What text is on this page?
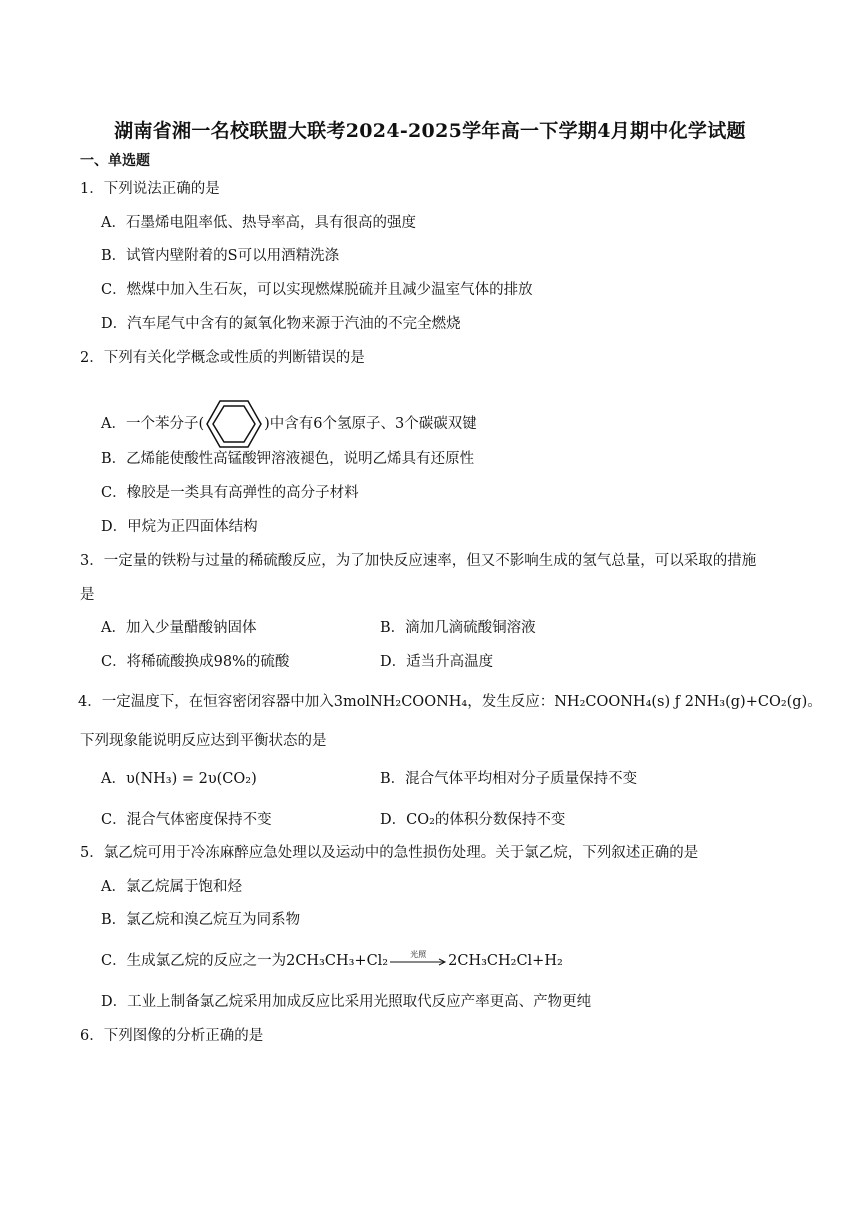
湖南省湘一名校联盟大联考2024-2025学年高一下学期4月期中化学试题
一、单选题
1．下列说法正确的是
A．石墨烯电阻率低、热导率高，具有很高的强度
B．试管内壁附着的S可以用酒精洗涤
C．燃煤中加入生石灰，可以实现燃煤脱硫并且减少温室气体的排放
D．汽车尾气中含有的氮氧化物来源于汽油的不完全燃烧
2．下列有关化学概念或性质的判断错误的是
A．一个苯分子(	)中含有6个氢原子、3个碳碳双键
B．乙烯能使酸性高锰酸钾溶液褪色，说明乙烯具有还原性
C．橡胶是一类具有高弹性的高分子材料
D．甲烷为正四面体结构
3．一定量的铁粉与过量的稀硫酸反应，为了加快反应速率，但又不影响生成的氢气总量，可以采取的措施
是
A．加入少量醋酸钠固体	B．滴加几滴硫酸铜溶液
C．将稀硫酸换成98%的硫酸	D．适当升高温度
4．一定温度下，在恒容密闭容器中加入3molNH₂COONH₄，发生反应：NH₂COONH₄(s) ƒ 2NH₃(g)+CO₂(g)。
下列现象能说明反应达到平衡状态的是
A．υ(NH₃) = 2υ(CO₂)	B．混合气体平均相对分子质量保持不变
C．混合气体密度保持不变	D．CO₂的体积分数保持不变
5．氯乙烷可用于冷冻麻醉应急处理以及运动中的急性损伤处理。关于氯乙烷，下列叙述正确的是
A．氯乙烷属于饱和烃
B．氯乙烷和溴乙烷互为同系物
C．生成氯乙烷的反应之一为2CH₃CH₃+Cl₂	光照	2CH₃CH₂Cl+H₂
D．工业上制备氯乙烷采用加成反应比采用光照取代反应产率更高、产物更纯
6．下列图像的分析正确的是
